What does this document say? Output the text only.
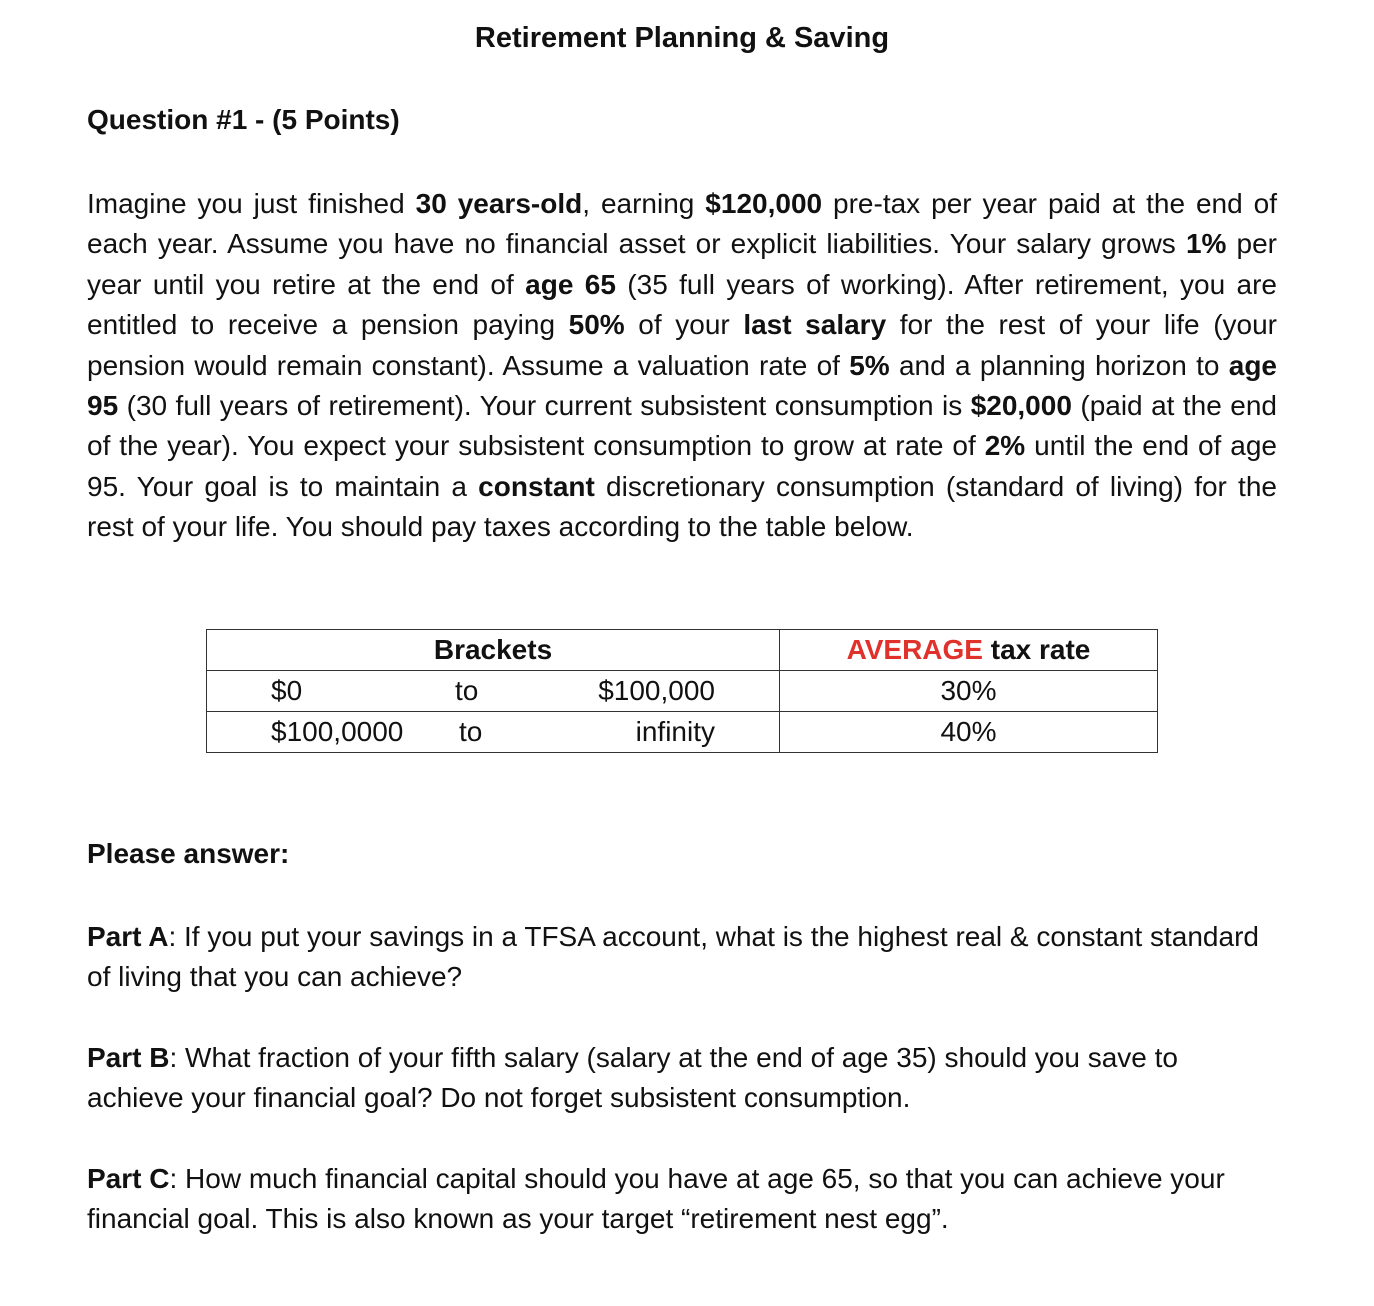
Retirement Planning & Saving
Question #1 - (5 Points)
Imagine you just finished 30 years-old, earning $120,000 pre-tax per year paid at the end of each year. Assume you have no financial asset or explicit liabilities. Your salary grows 1% per year until you retire at the end of age 65 (35 full years of working). After retirement, you are entitled to receive a pension paying 50% of your last salary for the rest of your life (your pension would remain constant). Assume a valuation rate of 5% and a planning horizon to age 95 (30 full years of retirement). Your current subsistent consumption is $20,000 (paid at the end of the year). You expect your subsistent consumption to grow at rate of 2% until the end of age 95. Your goal is to maintain a constant discretionary consumption (standard of living) for the rest of your life. You should pay taxes according to the table below.
Brackets	AVERAGE tax rate

$0 to $100,000	30%

$100,0000 to infinity	40%
Please answer:
Part A: If you put your savings in a TFSA account, what is the highest real & constant standard of living that you can achieve?
Part B: What fraction of your fifth salary (salary at the end of age 35) should you save to achieve your financial goal? Do not forget subsistent consumption.
Part C: How much financial capital should you have at age 65, so that you can achieve your financial goal. This is also known as your target “retirement nest egg”.
